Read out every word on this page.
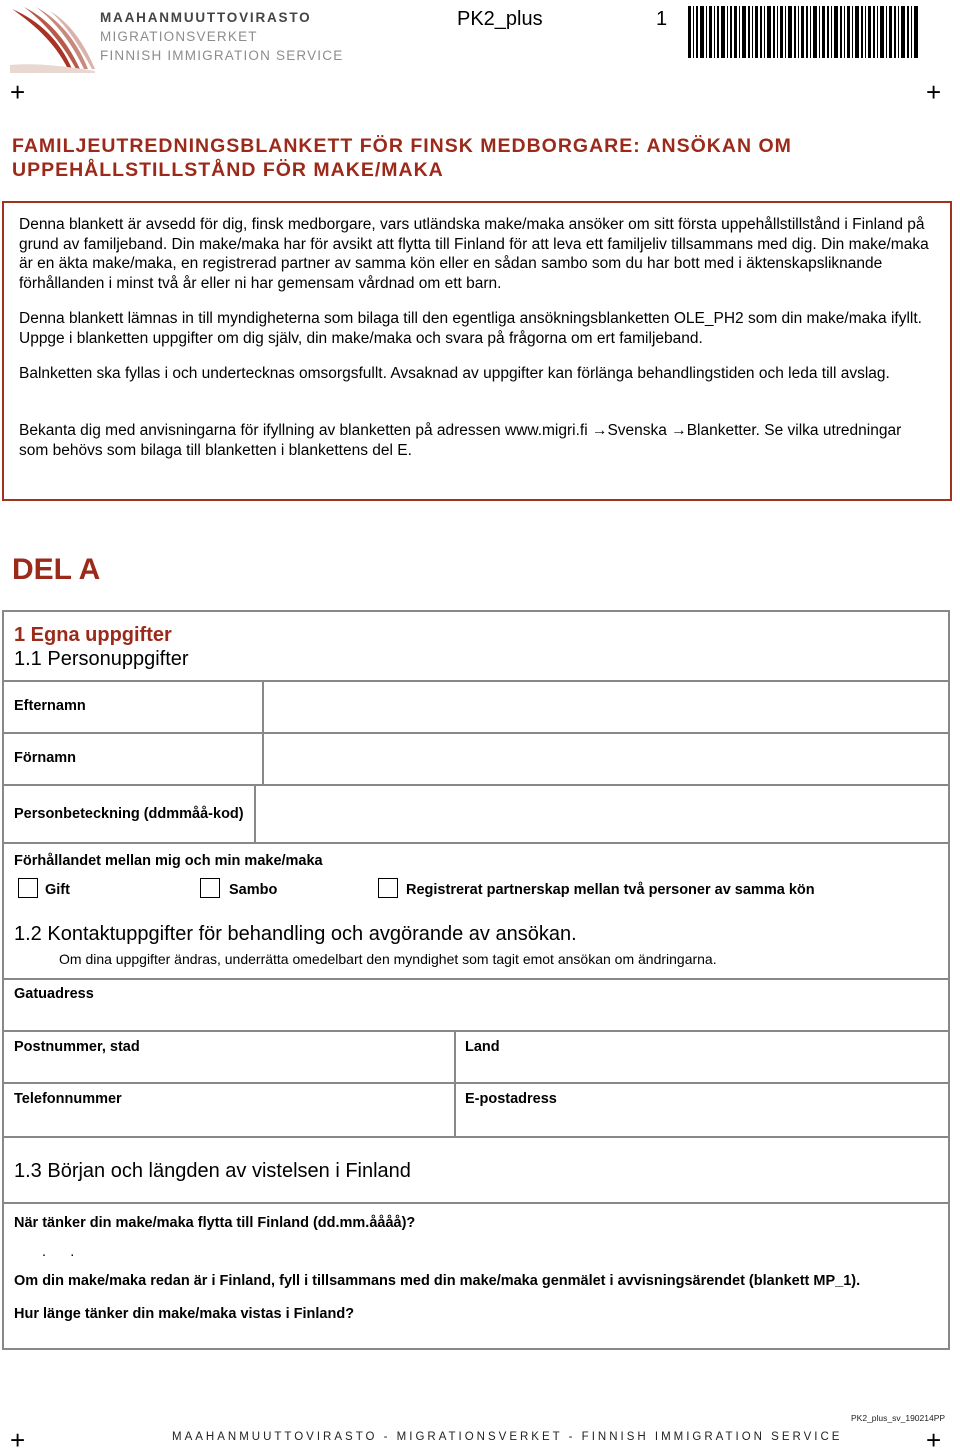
MAAHANMUUTTOVIRASTO
MIGRATIONSVERKET
FINNISH IMMIGRATION SERVICE
PK2_plus	1
+	+
FAMILJEUTREDNINGSBLANKETT FÖR FINSK MEDBORGARE: ANSÖKAN OM UPPEHÅLLSTILLSTÅND FÖR MAKE/MAKA

Denna blankett är avsedd för dig, finsk medborgare, vars utländska make/maka ansöker om sitt första uppehållstillstånd i Finland på grund av familjeband. Din make/maka har för avsikt att flytta till Finland för att leva ett familjeliv tillsammans med dig. Din make/maka är en äkta make/maka, en registrerad partner av samma kön eller en sådan sambo som du har bott med i äktenskapsliknande förhållanden i minst två år eller ni har gemensam vårdnad om ett barn.

Denna blankett lämnas in till myndigheterna som bilaga till den egentliga ansökningsblanketten OLE_PH2 som din make/maka ifyllt. Uppge i blanketten uppgifter om dig själv, din make/maka och svara på frågorna om ert familjeband.

Balnketten ska fyllas i och undertecknas omsorgsfullt. Avsaknad av uppgifter kan förlänga behandlingstiden och leda till avslag.

Bekanta dig med anvisningarna för ifyllning av blanketten på adressen www.migri.fi →Svenska →Blanketter. Se vilka utredningar som behövs som bilaga till blanketten i blankettens del E.

DEL A
1 Egna uppgifter
1.1 Personuppgifter
Efternamn
Förnamn
Personbeteckning (ddmmåå-kod)
Förhållandet mellan mig och min make/maka
Gift	Sambo	Registrerat partnerskap mellan två personer av samma kön
1.2 Kontaktuppgifter för behandling och avgörande av ansökan.
Om dina uppgifter ändras, underrätta omedelbart den myndighet som tagit emot ansökan om ändringarna.
Gatuadress
Postnummer, stad	Land
Telefonnummer	E-postadress
1.3 Början och längden av vistelsen i Finland
När tänker din make/maka flytta till Finland (dd.mm.åååå)?
.      .
Om din make/maka redan är i Finland, fyll i tillsammans med din make/maka genmälet i avvisningsärendet (blankett MP_1).
Hur länge tänker din make/maka vistas i Finland?
+	+
PK2_plus_sv_190214PP
MAAHANMUUTTOVIRASTO - MIGRATIONSVERKET - FINNISH IMMIGRATION SERVICE
